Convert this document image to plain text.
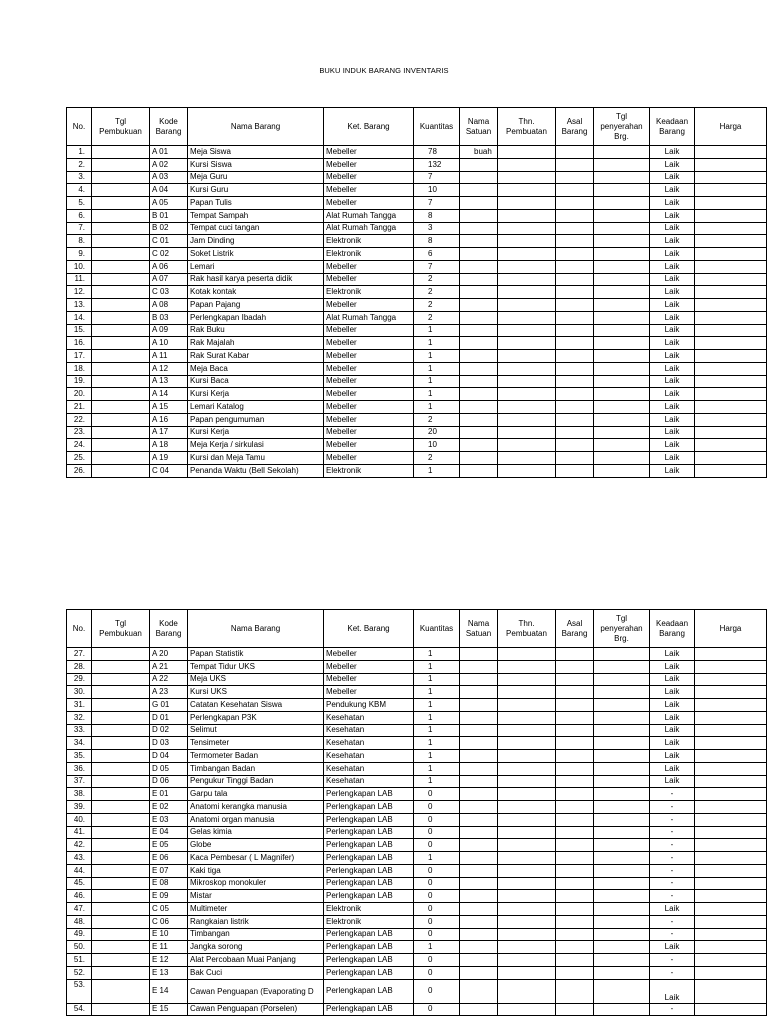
BUKU INDUK BARANG INVENTARIS
No.	Tgl Pembukuan	Kode Barang	Nama Barang	Ket. Barang	Kuantitas	Nama Satuan	Thn. Pembuatan	Asal Barang	Tgl penyerahan Brg.	Keadaan Barang	Harga
1.		A 01	Meja Siswa	Mebeller	78	buah				Laik	
2.		A 02	Kursi Siswa	Mebeller	132					Laik	
3.		A 03	Meja Guru	Mebeller	7					Laik	
4.		A 04	Kursi Guru	Mebeller	10					Laik	
5.		A 05	Papan Tulis	Mebeller	7					Laik	
6.		B 01	Tempat Sampah	Alat Rumah Tangga	8					Laik	
7.		B 02	Tempat cuci tangan	Alat Rumah Tangga	3					Laik	
8.		C 01	Jam Dinding	Elektronik	8					Laik	
9.		C 02	Soket Listrik	Elektronik	6					Laik	
10.		A 06	Lemari	Mebeller	7					Laik	
11.		A 07	Rak hasil karya peserta didik	Mebeller	2					Laik	
12.		C 03	Kotak kontak	Elektronik	2					Laik	
13.		A 08	Papan Pajang	Mebeller	2					Laik	
14.		B 03	Perlengkapan Ibadah	Alat Rumah Tangga	2					Laik	
15.		A 09	Rak Buku	Mebeller	1					Laik	
16.		A 10	Rak Majalah	Mebeller	1					Laik	
17.		A 11	Rak Surat Kabar	Mebeller	1					Laik	
18.		A 12	Meja Baca	Mebeller	1					Laik	
19.		A 13	Kursi Baca	Mebeller	1					Laik	
20.		A 14	Kursi Kerja	Mebeller	1					Laik	
21.		A 15	Lemari Katalog	Mebeller	1					Laik	
22.		A 16	Papan pengumuman	Mebeller	2					Laik	
23.		A 17	Kursi Kerja	Mebeller	20					Laik	
24.		A 18	Meja Kerja / sirkulasi	Mebeller	10					Laik	
25.		A 19	Kursi dan Meja Tamu	Mebeller	2					Laik	
26.		C 04	Penanda Waktu (Bell Sekolah)	Elektronik	1					Laik	
No.	Tgl Pembukuan	Kode Barang	Nama Barang	Ket. Barang	Kuantitas	Nama Satuan	Thn. Pembuatan	Asal Barang	Tgl penyerahan Brg.	Keadaan Barang	Harga
27.		A 20	Papan Statistik	Mebeller	1					Laik	
28.		A 21	Tempat Tidur UKS	Mebeller	1					Laik	
29.		A 22	Meja UKS	Mebeller	1					Laik	
30.		A 23	Kursi UKS	Mebeller	1					Laik	
31.		G 01	Catatan Kesehatan Siswa	Pendukung KBM	1					Laik	
32.		D 01	Perlengkapan P3K	Kesehatan	1					Laik	
33.		D 02	Selimut	Kesehatan	1					Laik	
34.		D 03	Tensimeter	Kesehatan	1					Laik	
35.		D 04	Termometer Badan	Kesehatan	1					Laik	
36.		D 05	Timbangan Badan	Kesehatan	1					Laik	
37.		D 06	Pengukur Tinggi Badan	Kesehatan	1					Laik	
38.		E 01	Garpu tala	Perlengkapan LAB	0					-	
39.		E 02	Anatomi kerangka manusia	Perlengkapan LAB	0					-	
40.		E 03	Anatomi organ manusia	Perlengkapan LAB	0					-	
41.		E 04	Gelas kimia	Perlengkapan LAB	0					-	
42.		E 05	Globe	Perlengkapan LAB	0					-	
43.		E 06	Kaca Pembesar ( L Magnifer)	Perlengkapan LAB	1					-	
44.		E 07	Kaki tiga	Perlengkapan LAB	0					-	
45.		E 08	Mikroskop monokuler	Perlengkapan LAB	0					-	
46.		E 09	Mistar	Perlengkapan LAB	0					-	
47.		C 05	Multimeter	Elektronik	0					Laik	
48.		C 06	Rangkaian listrik	Elektronik	0					-	
49.		E 10	Timbangan	Perlengkapan LAB	0					-	
50.		E 11	Jangka sorong	Perlengkapan LAB	1					Laik	
51.		E 12	Alat Percobaan Muai Panjang	Perlengkapan LAB	0					-	
52.		E 13	Bak Cuci	Perlengkapan LAB	0					-	
53.		E 14	Cawan Penguapan (Evaporating D	Perlengkapan LAB	0					Laik	
54.		E 15	Cawan Penguapan (Porselen)	Perlengkapan LAB	0					-	
